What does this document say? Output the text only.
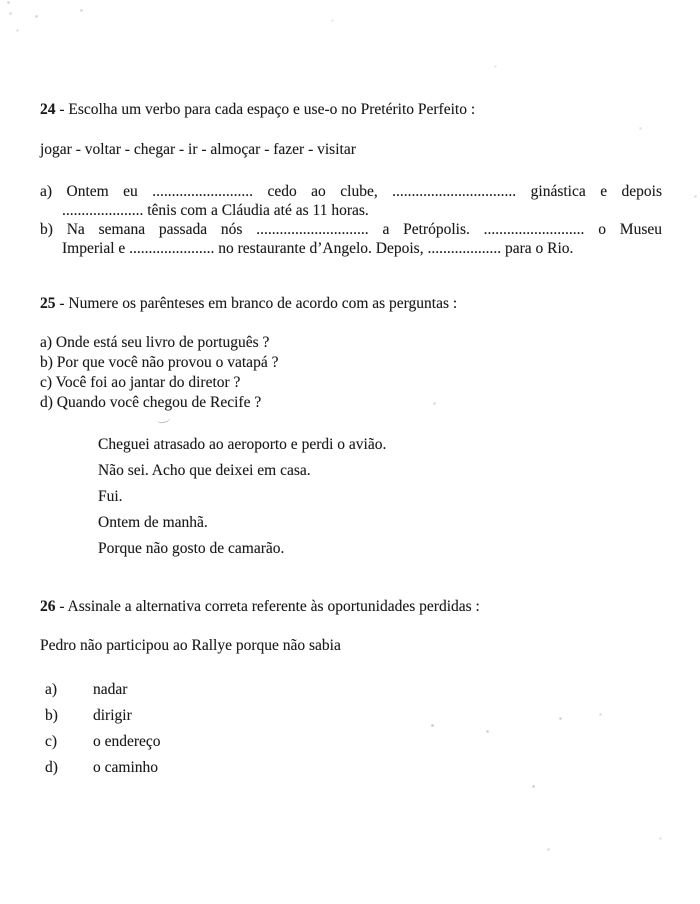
24 - Escolha um verbo para cada espaço e use-o no Pretérito Perfeito :
jogar - voltar - chegar - ir - almoçar - fazer - visitar
a) Ontem eu .......................... cedo ao clube, ................................ ginástica e depois
..................... tênis com a Cláudia até as 11 horas.
b) Na semana passada nós ............................. a Petrópolis. .......................... o Museu
Imperial e ...................... no restaurante d’Angelo. Depois, ................... para o Rio.
25 - Numere os parênteses em branco de acordo com as perguntas :
a) Onde está seu livro de português ?
b) Por que você não provou o vatapá ?
c) Você foi ao jantar do diretor ?
d) Quando você chegou de Recife ?
Cheguei atrasado ao aeroporto e perdi o avião.
Não sei. Acho que deixei em casa.
Fui.
Ontem de manhã.
Porque não gosto de camarão.
26 - Assinale a alternativa correta referente às oportunidades perdidas :
Pedro não participou ao Rallye porque não sabia
a)	nadar
b)	dirigir
c)	o endereço
d)	o caminho
